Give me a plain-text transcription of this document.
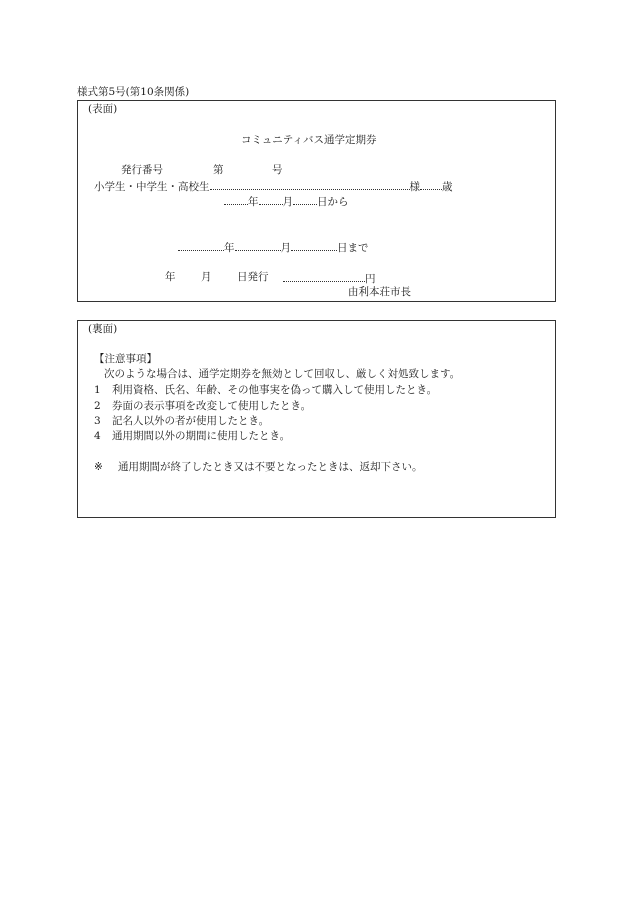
様式第5号(第10条関係)
(表面)
コミュニティバス通学定期券
発行番号	第	号
小学生・中学生・高校生	様 歳
年 月 日から
年	月	日まで
年 月 日発行	円
由利本荘市長
(裏面)
【注意事項】
次のような場合は、通学定期券を無効として回収し、厳しく対処致します。
1 利用資格、氏名、年齢、その他事実を偽って購入して使用したとき。
2 券面の表示事項を改変して使用したとき。
3 記名人以外の者が使用したとき。
4 通用期間以外の期間に使用したとき。
※ 通用期間が終了したとき又は不要となったときは、返却下さい。
